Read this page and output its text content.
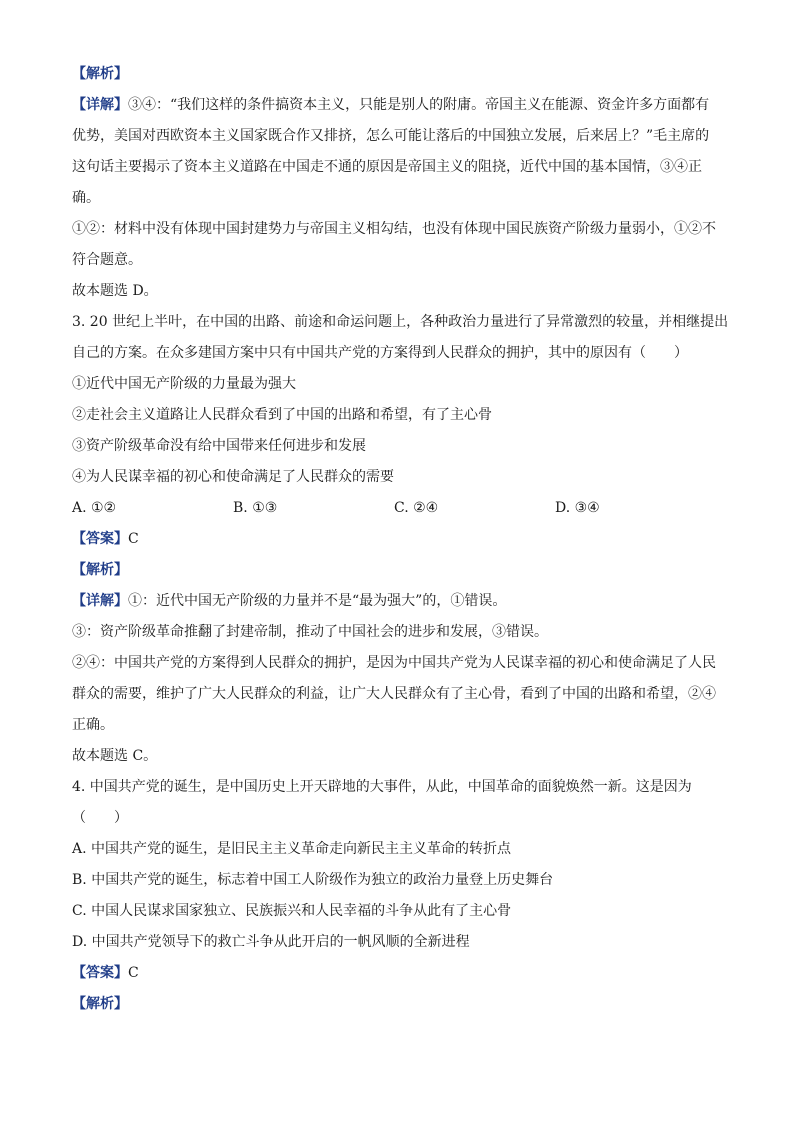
【解析】
【详解】③④：“我们这样的条件搞资本主义，只能是别人的附庸。帝国主义在能源、资金许多方面都有
优势，美国对西欧资本主义国家既合作又排挤，怎么可能让落后的中国独立发展，后来居上？”毛主席的
这句话主要揭示了资本主义道路在中国走不通的原因是帝国主义的阻挠，近代中国的基本国情，③④正
确。
①②：材料中没有体现中国封建势力与帝国主义相勾结，也没有体现中国民族资产阶级力量弱小，①②不
符合题意。
故本题选 D。
3. 20 世纪上半叶，在中国的出路、前途和命运问题上，各种政治力量进行了异常激烈的较量，并相继提出
自己的方案。在众多建国方案中只有中国共产党的方案得到人民群众的拥护，其中的原因有（　　）
①近代中国无产阶级的力量最为强大
②走社会主义道路让人民群众看到了中国的出路和希望，有了主心骨
③资产阶级革命没有给中国带来任何进步和发展
④为人民谋幸福的初心和使命满足了人民群众的需要
A. ①②	B. ①③	C. ②④	D. ③④
【答案】C
【解析】
【详解】①：近代中国无产阶级的力量并不是“最为强大”的，①错误。
③：资产阶级革命推翻了封建帝制，推动了中国社会的进步和发展，③错误。
②④：中国共产党的方案得到人民群众的拥护，是因为中国共产党为人民谋幸福的初心和使命满足了人民
群众的需要，维护了广大人民群众的利益，让广大人民群众有了主心骨，看到了中国的出路和希望，②④
正确。
故本题选 C。
4. 中国共产党的诞生，是中国历史上开天辟地的大事件，从此，中国革命的面貌焕然一新。这是因为
（　　）
A. 中国共产党的诞生，是旧民主主义革命走向新民主主义革命的转折点
B. 中国共产党的诞生，标志着中国工人阶级作为独立的政治力量登上历史舞台
C. 中国人民谋求国家独立、民族振兴和人民幸福的斗争从此有了主心骨
D. 中国共产党领导下的救亡斗争从此开启的一帆风顺的全新进程
【答案】C
【解析】
